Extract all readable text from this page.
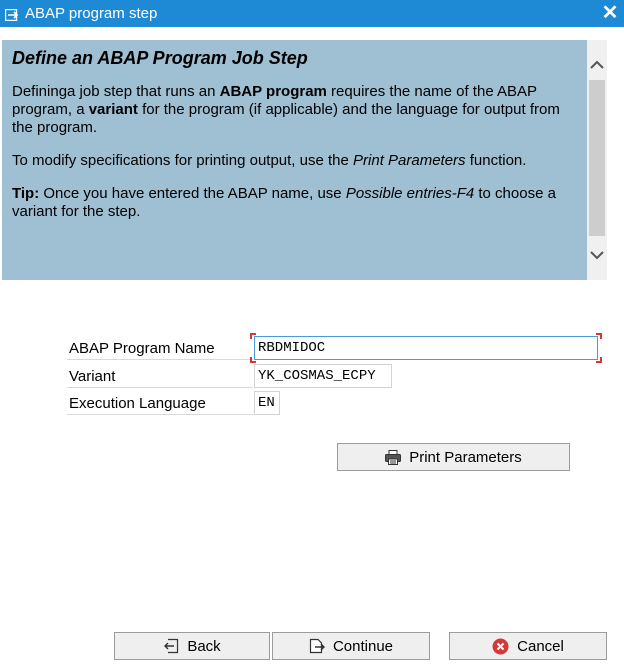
ABAP program step	✕
Define an ABAP Program Job Step

Defininga job step that runs an ABAP program requires the name of the ABAP program, a variant for the program (if applicable) and the language for output from the program.

To modify specifications for printing output, use the Print Parameters function.

Tip: Once you have entered the ABAP name, use Possible entries-F4 to choose a variant for the step.

ABAP Program Name	RBDMIDOC
Variant	YK_COSMAS_ECPY
Execution Language	EN
Print Parameters
Back	Continue	Cancel
